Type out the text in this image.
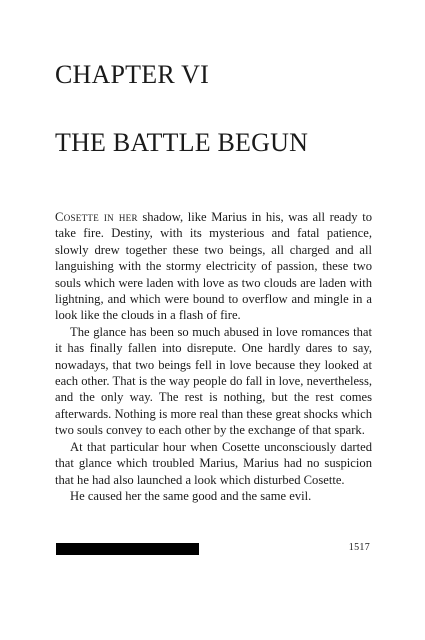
CHAPTER VI
THE BATTLE BEGUN

Cosette in her shadow, like Marius in his, was all ready to take fire. Destiny, with its mysterious and fatal patience, slowly drew together these two beings, all charged and all languishing with the stormy electricity of passion, these two souls which were laden with love as two clouds are laden with lightning, and which were bound to overflow and mingle in a look like the clouds in a flash of fire.

The glance has been so much abused in love romances that it has finally fallen into disrepute. One hardly dares to say, nowadays, that two beings fell in love because they looked at each other. That is the way people do fall in love, nevertheless, and the only way. The rest is nothing, but the rest comes afterwards. Nothing is more real than these great shocks which two souls convey to each other by the exchange of that spark.

At that particular hour when Cosette unconsciously darted that glance which troubled Marius, Marius had no suspicion that he had also launched a look which disturbed Cosette.

He caused her the same good and the same evil.

1517
